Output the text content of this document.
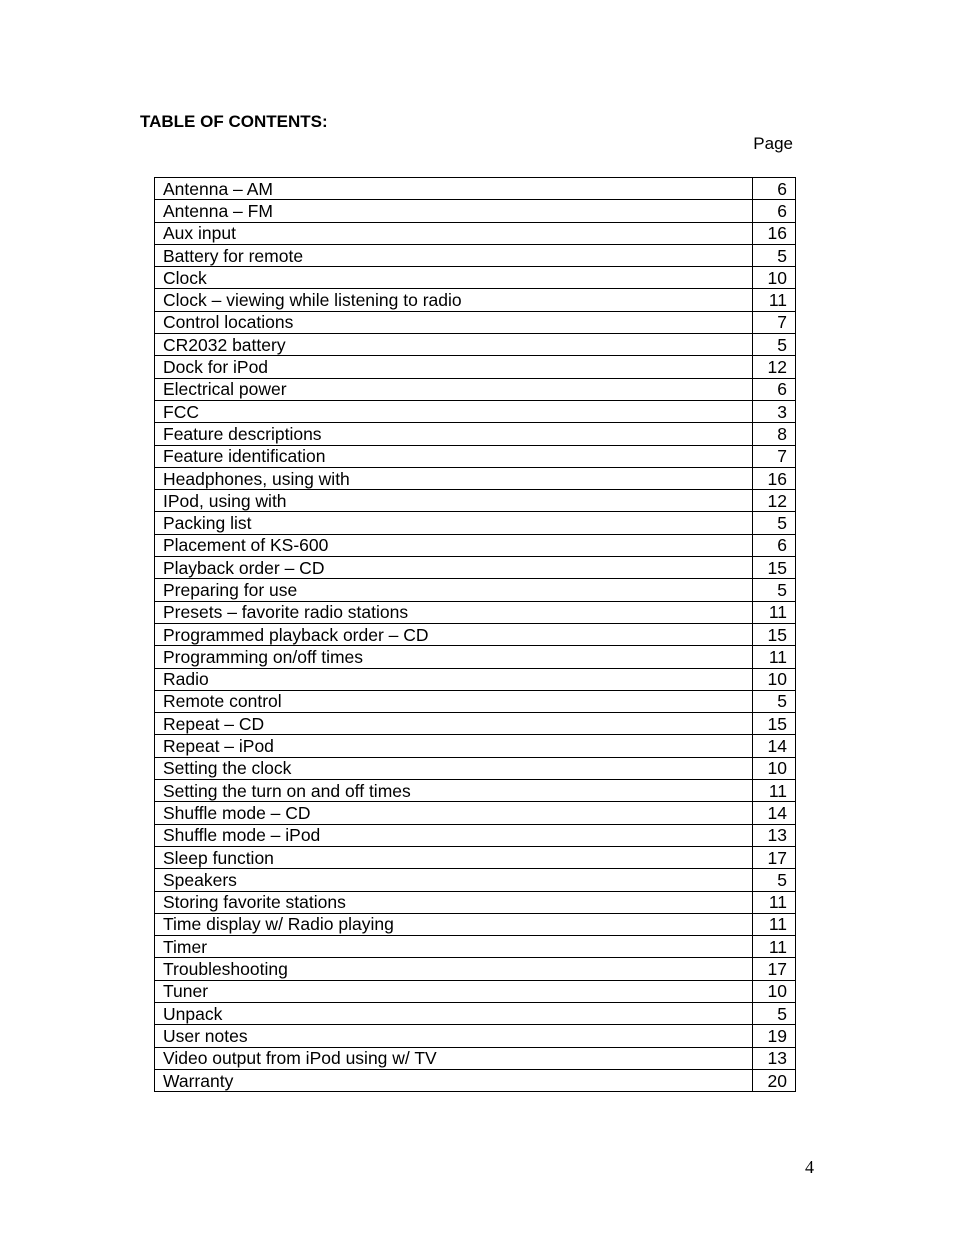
TABLE OF CONTENTS:
Page
Antenna – AM	6
Antenna – FM	6
Aux input	16
Battery for remote	5
Clock	10
Clock – viewing while listening to radio	11
Control locations	7
CR2032 battery	5
Dock for iPod	12
Electrical power	6
FCC	3
Feature descriptions	8
Feature identification	7
Headphones, using with	16
IPod, using with	12
Packing list	5
Placement of KS-600	6
Playback order – CD	15
Preparing for use	5
Presets – favorite radio stations	11
Programmed playback order – CD	15
Programming on/off times	11
Radio	10
Remote control	5
Repeat – CD	15
Repeat – iPod	14
Setting the clock	10
Setting the turn on and off times	11
Shuffle mode – CD	14
Shuffle mode – iPod	13
Sleep function	17
Speakers	5
Storing favorite stations	11
Time display w/ Radio playing	11
Timer	11
Troubleshooting	17
Tuner	10
Unpack	5
User notes	19
Video output from iPod using w/ TV	13
Warranty	20
4
